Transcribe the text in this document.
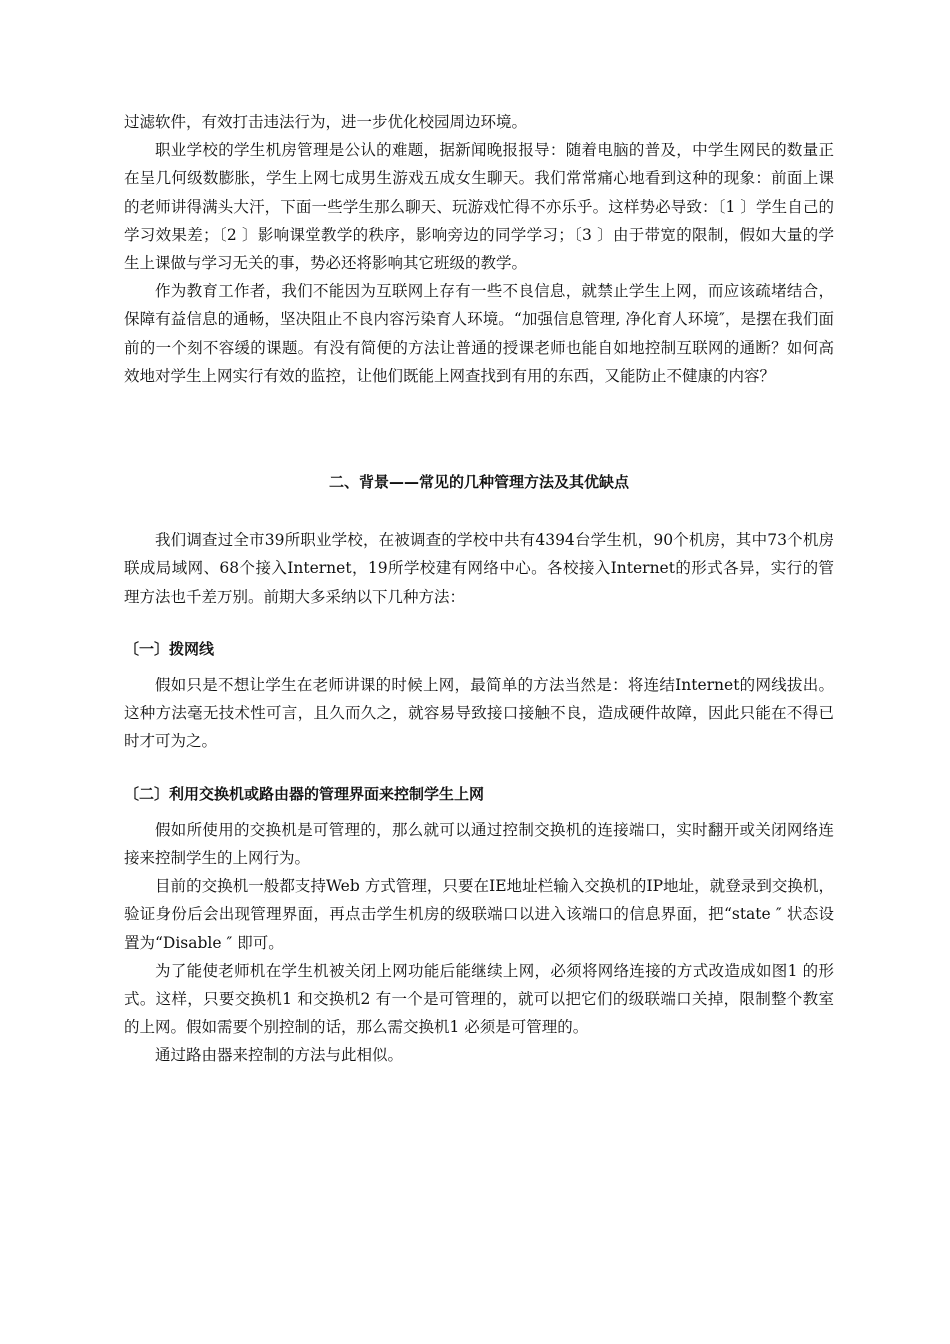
过滤软件，有效打击违法行为，进一步优化校园周边环境。

职业学校的学生机房管理是公认的难题，据新闻晚报报导：随着电脑的普及，中学生网民的数量正在呈几何级数膨胀，学生上网七成男生游戏五成女生聊天。我们常常痛心地看到这种的现象：前面上课的老师讲得满头大汗，下面一些学生那么聊天、玩游戏忙得不亦乐乎。这样势必导致：〔1 〕学生自己的学习效果差；〔2 〕影响课堂教学的秩序，影响旁边的同学学习；〔3 〕由于带宽的限制，假如大量的学生上课做与学习无关的事，势必还将影响其它班级的教学。

作为教育工作者，我们不能因为互联网上存有一些不良信息，就禁止学生上网，而应该疏堵结合，保障有益信息的通畅，坚决阻止不良内容污染育人环境。“加强信息管理, 净化育人环境″，是摆在我们面前的一个刻不容缓的课题。有没有简便的方法让普通的授课老师也能自如地控制互联网的通断？如何高效地对学生上网实行有效的监控，让他们既能上网查找到有用的东西，又能防止不健康的内容？

二、背景——常见的几种管理方法及其优缺点

我们调查过全市39所职业学校，在被调查的学校中共有4394台学生机，90个机房，其中73个机房联成局域网、68个接入Internet，19所学校建有网络中心。各校接入Internet的形式各异，实行的管理方法也千差万别。前期大多采纳以下几种方法：

〔一〕拨网线

假如只是不想让学生在老师讲课的时候上网，最简单的方法当然是：将连结Internet的网线拔出。这种方法毫无技术性可言，且久而久之，就容易导致接口接触不良，造成硬件故障，因此只能在不得已时才可为之。

〔二〕利用交换机或路由器的管理界面来控制学生上网

假如所使用的交换机是可管理的，那么就可以通过控制交换机的连接端口，实时翻开或关闭网络连接来控制学生的上网行为。

目前的交换机一般都支持Web 方式管理，只要在IE地址栏输入交换机的IP地址，就登录到交换机，验证身份后会出现管理界面，再点击学生机房的级联端口以进入该端口的信息界面，把“state ″ 状态设置为“Disable ″ 即可。

为了能使老师机在学生机被关闭上网功能后能继续上网，必须将网络连接的方式改造成如图1 的形式。这样，只要交换机1 和交换机2 有一个是可管理的，就可以把它们的级联端口关掉，限制整个教室的上网。假如需要个别控制的话，那么需交换机1 必须是可管理的。

通过路由器来控制的方法与此相似。
